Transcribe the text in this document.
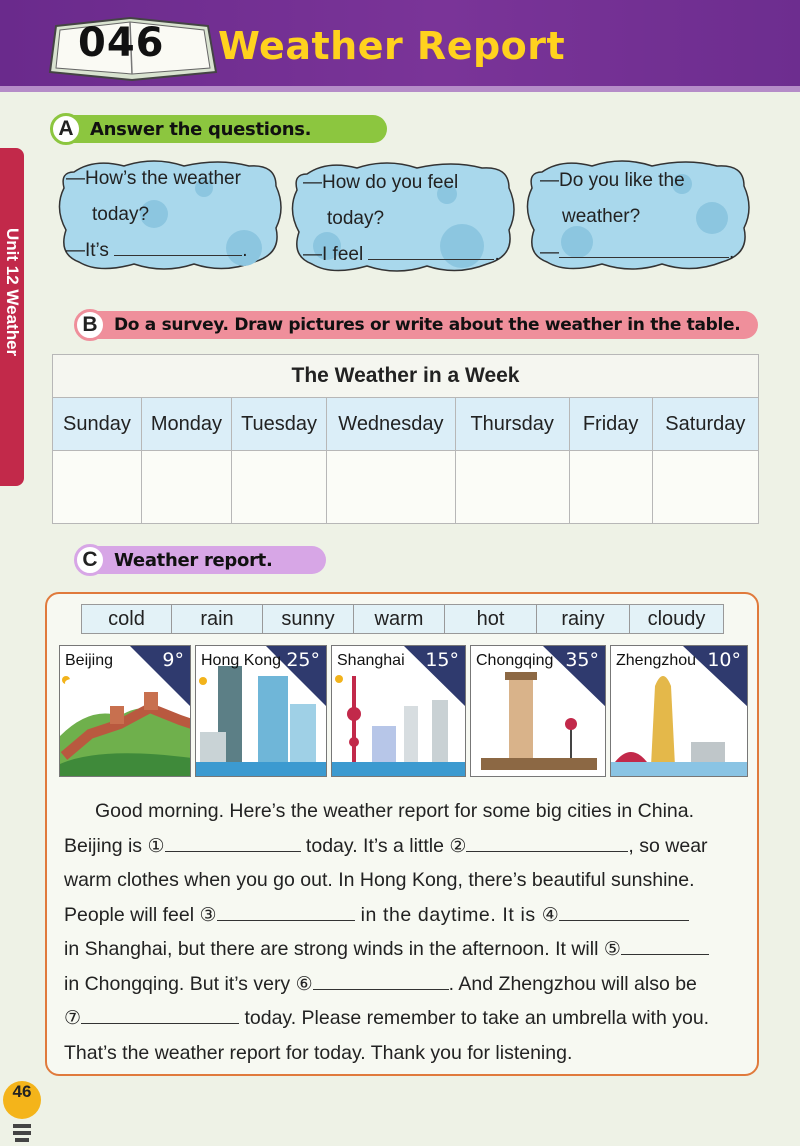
046	Weather Report
Unit 12 Weather
A Answer the questions.
—How’s the weather
today?
—It’s	.
—How do you feel
today?
—I feel	.
—Do you like the
weather?
—	.
B Do a survey. Draw pictures or write about the weather in the table.
The Weather in a Week						
Sunday	Monday	Tuesday	Wednesday	Thursday	Friday	Saturday

C Weather report.
cold	rain	sunny	warm	hot	rainy	cloudy
Beijing	9° Hong Kong 25° Shanghai 15° Chongqing 35° Zhengzhou 10°
Good morning. Here’s the weather report for some big cities in China.
Beijing is ①	today. It’s a little ②	, so wear
warm clothes when you go out. In Hong Kong, there’s beautiful sunshine.
People will feel ③	in the daytime. It is ④
in Shanghai, but there are strong winds in the afternoon. It will ⑤
in Chongqing. But it’s very ⑥	. And Zhengzhou will also be
⑦	today. Please remember to take an umbrella with you.
That’s the weather report for today. Thank you for listening.
46
